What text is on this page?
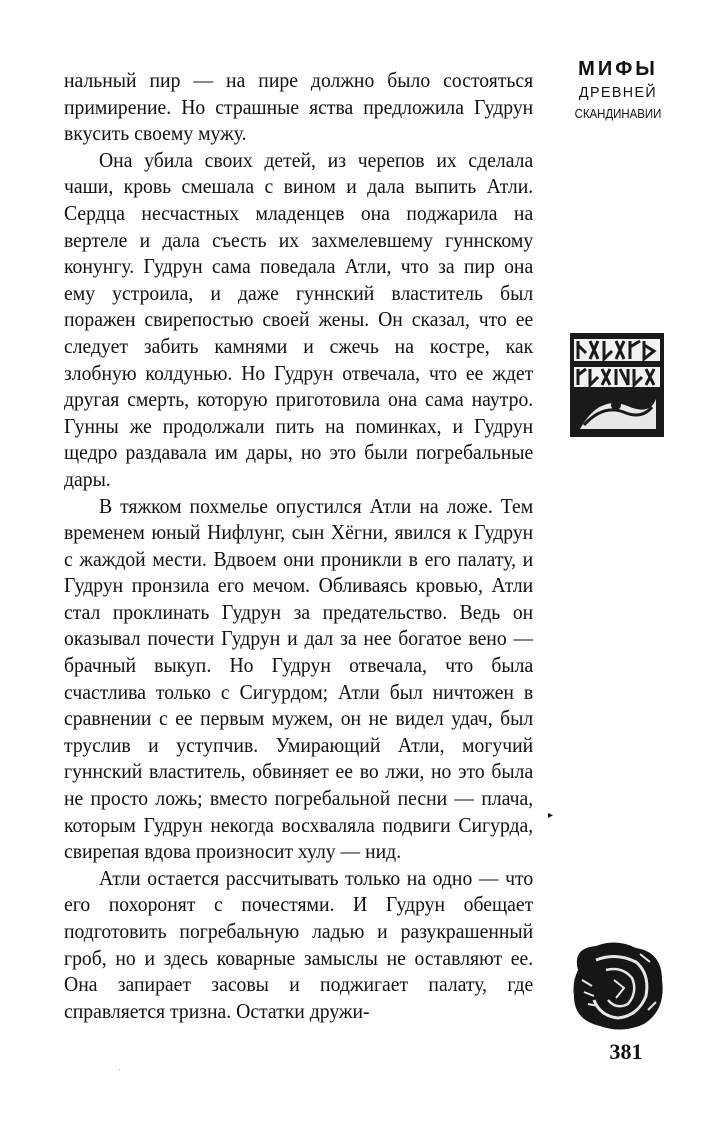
МИФЫ
ДРЕВНЕЙ
СКАНДИНАВИИ

нальный пир — на пире должно было состояться примирение. Но страшные яства предложила Гудрун вкусить своему мужу.

Она убила своих детей, из черепов их сделала чаши, кровь смешала с вином и дала выпить Атли. Сердца несчастных младенцев она поджарила на вертеле и дала съесть их захмелевшему гуннскому конунгу. Гудрун сама поведала Атли, что за пир она ему устроила, и даже гуннский властитель был поражен свирепостью своей жены. Он сказал, что ее следует забить камнями и сжечь на костре, как злобную колдунью. Но Гудрун отвечала, что ее ждет другая смерть, которую приготовила она сама наутро. Гунны же продолжали пить на поминках, и Гудрун щедро раздавала им дары, но это были погребальные дары.

В тяжком похмелье опустился Атли на ложе. Тем временем юный Нифлунг, сын Хёгни, явился к Гудрун с жаждой мести. Вдвоем они проникли в его палату, и Гудрун пронзила его мечом. Обливаясь кровью, Атли стал проклинать Гудрун за предательство. Ведь он оказывал почести Гудрун и дал за нее богатое вено — брачный выкуп. Но Гудрун отвечала, что была счастлива только с Сигурдом; Атли был ничтожен в сравнении с ее первым мужем, он не видел удач, был труслив и уступчив. Умирающий Атли, могучий гуннский властитель, обвиняет ее во лжи, но это была не просто ложь; вместо погребальной песни — плача, которым Гудрун некогда восхваляла подвиги Сигурда, свирепая вдова произносит хулу — нид.

Атли остается рассчитывать только на одно — что его похоронят с почестями. И Гудрун обещает подготовить погребальную ладью и разукрашенный гроб, но и здесь коварные замыслы не оставляют ее. Она запирает засовы и поджигает палату, где справляется тризна. Остатки дружи-

▸
·
381
